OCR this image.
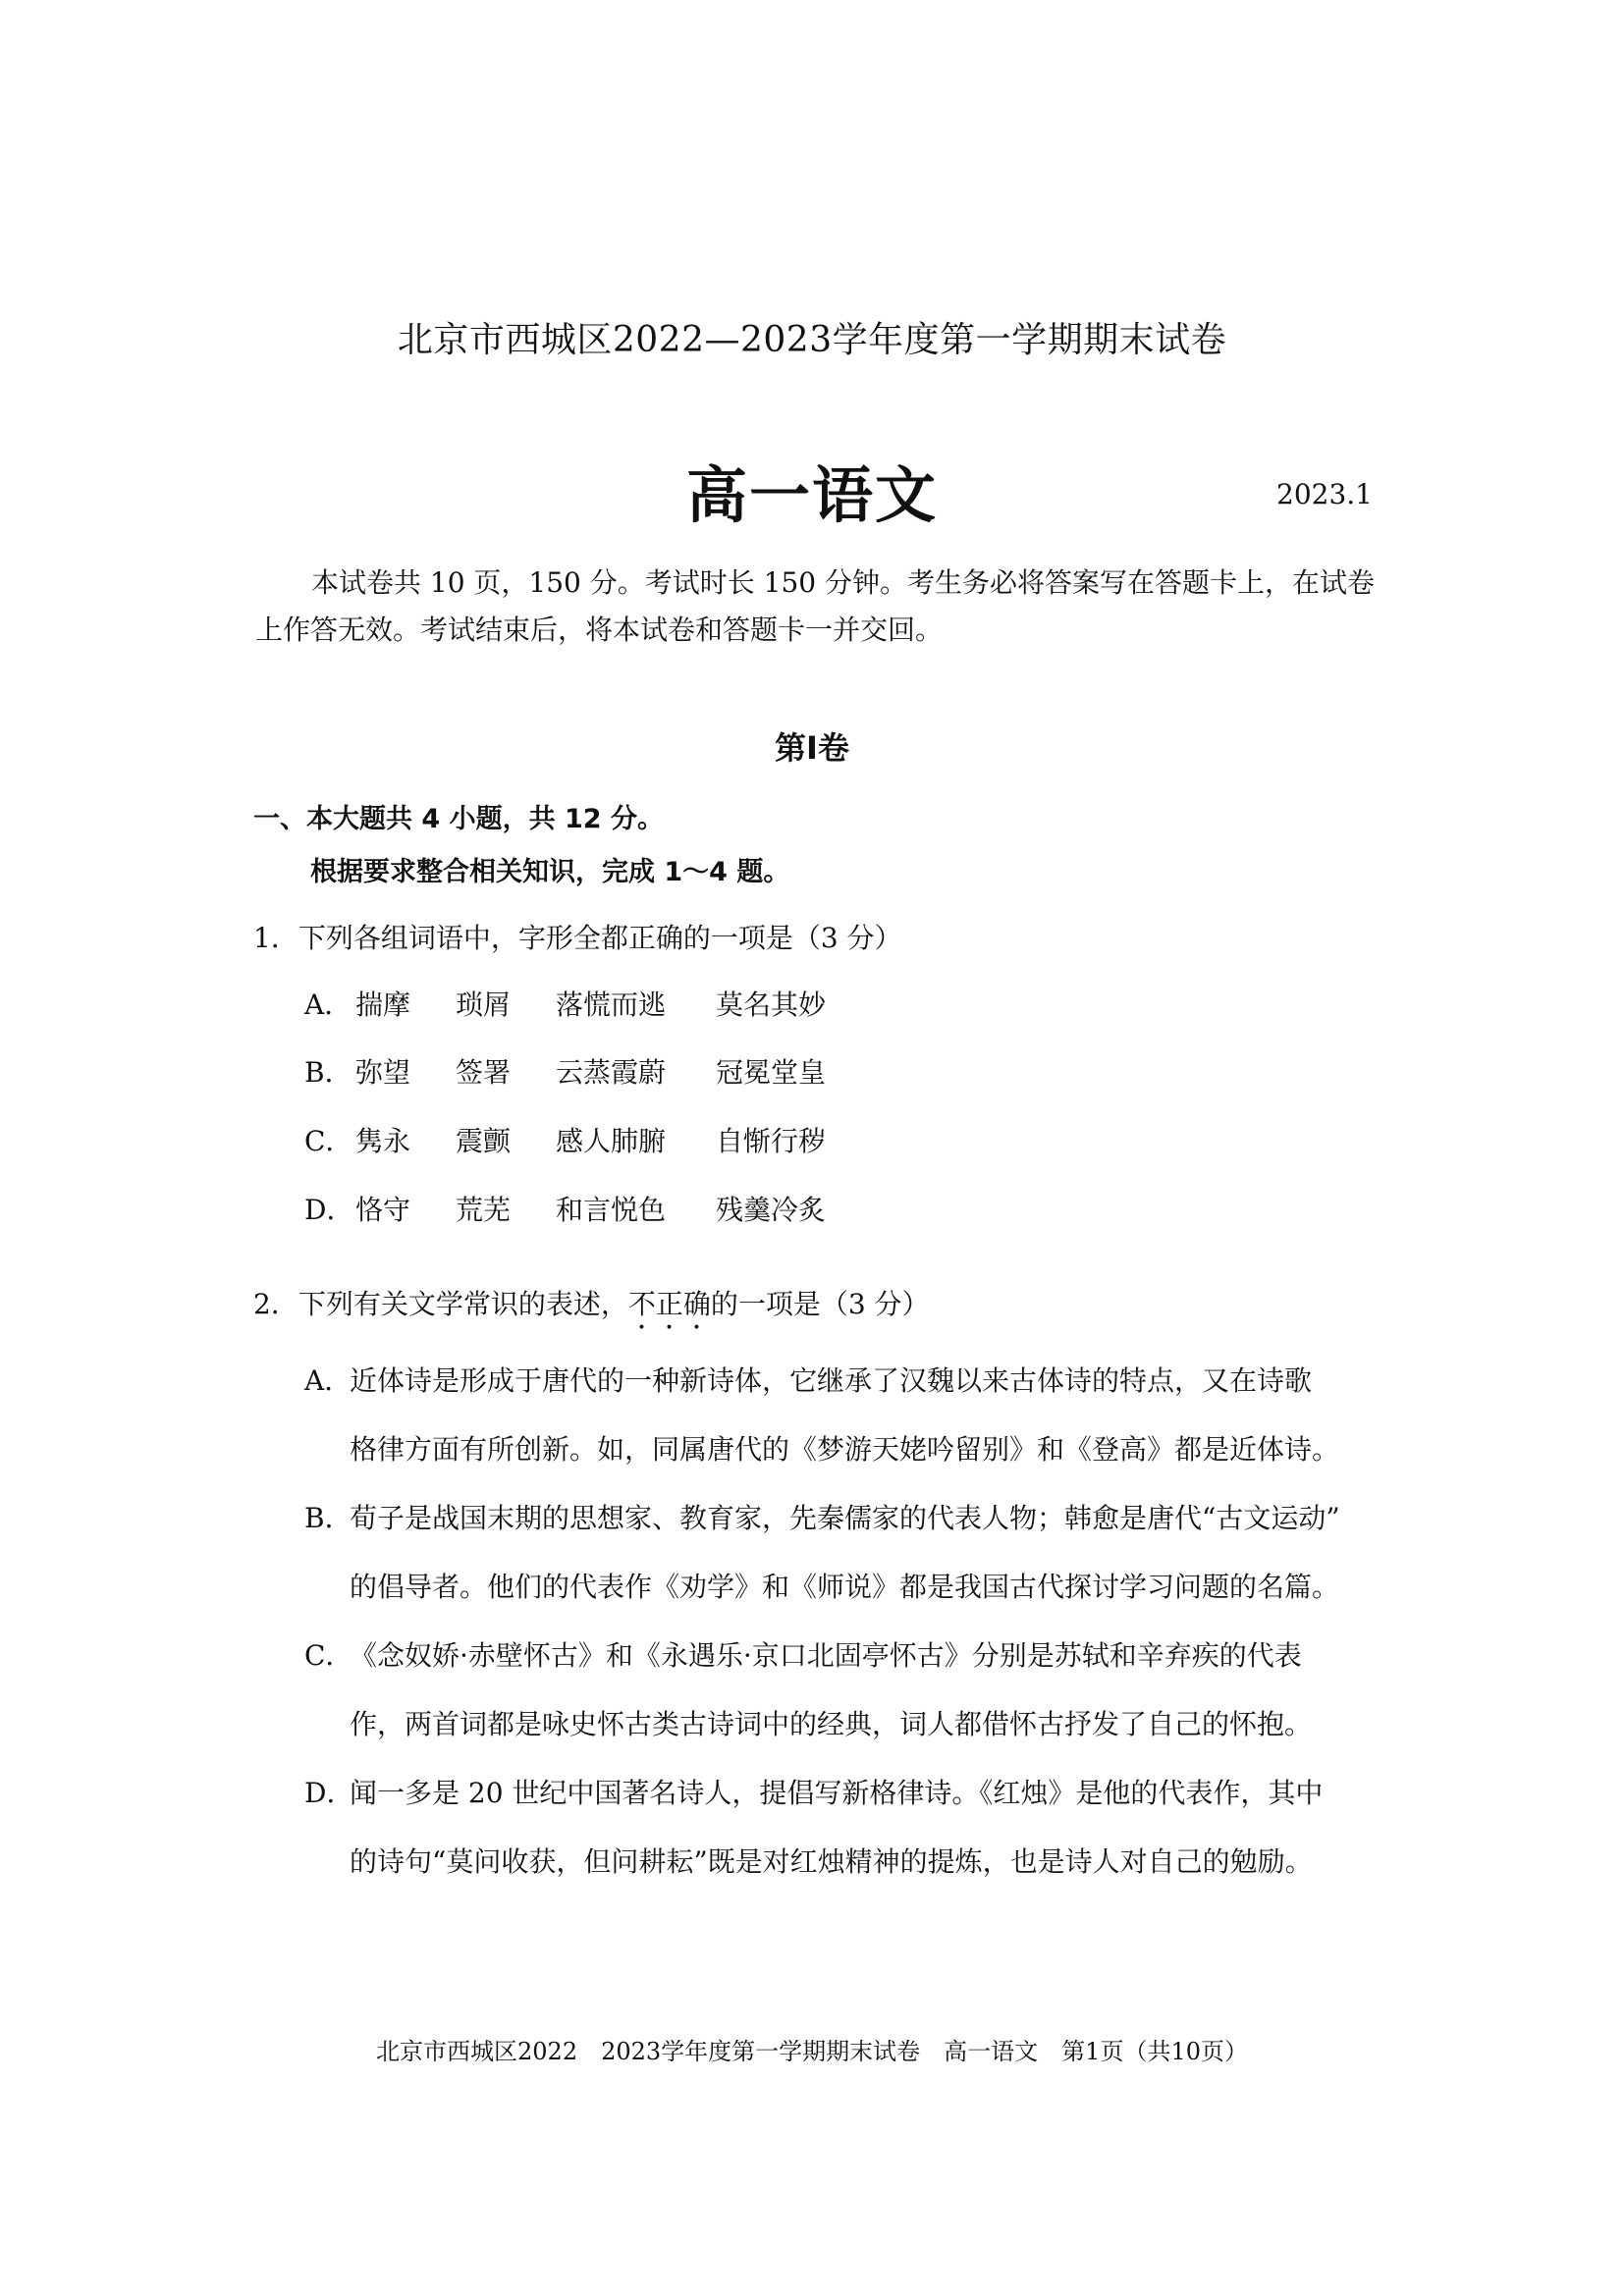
北京市西城区2022—2023学年度第一学期期末试卷
高一语文	2023.1
本试卷共 10 页，150 分。考试时长 150 分钟。考生务必将答案写在答题卡上，在试卷上作答无效。考试结束后，将本试卷和答题卡一并交回。
第Ⅰ卷
一、本大题共 4 小题，共 12 分。
根据要求整合相关知识，完成 1～4 题。
1．下列各组词语中，字形全都正确的一项是（3 分）
A． 揣摩	琐屑	落慌而逃	莫名其妙
B． 弥望	签署	云蒸霞蔚	冠冕堂皇
C． 隽永	震颤	感人肺腑	自惭行秽
D． 恪守	荒芜	和言悦色	残羹冷炙
2．下列有关文学常识的表述，不正确的一项是（3 分）
A．近体诗是形成于唐代的一种新诗体，它继承了汉魏以来古体诗的特点，又在诗歌
格律方面有所创新。如，同属唐代的《梦游天姥吟留别》和《登高》都是近体诗。
B．荀子是战国末期的思想家、教育家，先秦儒家的代表人物；韩愈是唐代“古文运动”
的倡导者。他们的代表作《劝学》和《师说》都是我国古代探讨学习问题的名篇。
C．《念奴娇·赤壁怀古》和《永遇乐·京口北固亭怀古》分别是苏轼和辛弃疾的代表
作，两首词都是咏史怀古类古诗词中的经典，词人都借怀古抒发了自己的怀抱。
D．闻一多是 20 世纪中国著名诗人，提倡写新格律诗。《红烛》是他的代表作，其中
的诗句“莫问收获，但问耕耘”既是对红烛精神的提炼，也是诗人对自己的勉励。
北京市西城区2022　2023学年度第一学期期末试卷　高一语文　第1页（共10页）
